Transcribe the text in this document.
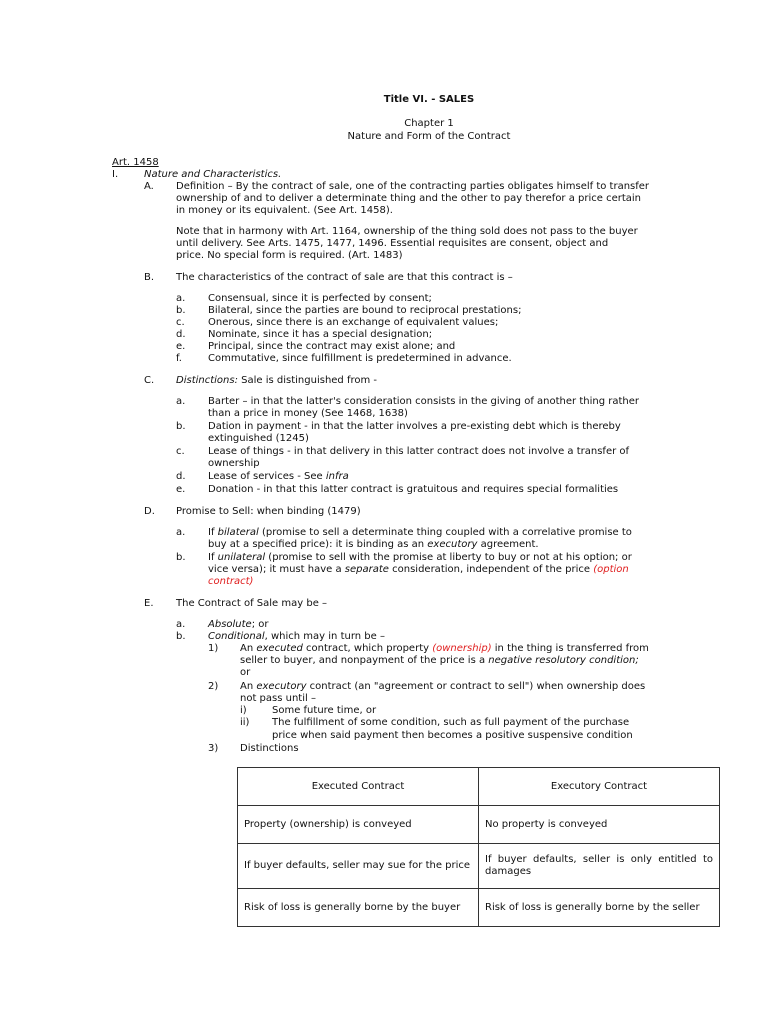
Title VI. - SALES
Chapter 1
Nature and Form of the Contract
Art. 1458
I.	Nature and Characteristics.
A. Definition – By the contract of sale, one of the contracting parties obligates himself to transfer
ownership of and to deliver a determinate thing and the other to pay therefor a price certain
in money or its equivalent. (See Art. 1458).
Note that in harmony with Art. 1164, ownership of the thing sold does not pass to the buyer
until delivery. See Arts. 1475, 1477, 1496. Essential requisites are consent, object and
price. No special form is required. (Art. 1483)
B. The characteristics of the contract of sale are that this contract is –
a. Consensual, since it is perfected by consent;
b. Bilateral, since the parties are bound to reciprocal prestations;
c. Onerous, since there is an exchange of equivalent values;
d. Nominate, since it has a special designation;
e. Principal, since the contract may exist alone; and
f.	Commutative, since fulfillment is predetermined in advance.
C. Distinctions: Sale is distinguished from -
a. Barter – in that the latter's consideration consists in the giving of another thing rather
than a price in money (See 1468, 1638)
b. Dation in payment - in that the latter involves a pre-existing debt which is thereby
extinguished (1245)
c. Lease of things - in that delivery in this latter contract does not involve a transfer of
ownership
d. Lease of services - See infra
e. Donation - in that this latter contract is gratuitous and requires special formalities
D. Promise to Sell: when binding (1479)
a. If bilateral (promise to sell a determinate thing coupled with a correlative promise to
buy at a specified price): it is binding as an executory agreement.
b. If unilateral (promise to sell with the promise at liberty to buy or not at his option; or
vice versa); it must have a separate consideration, independent of the price (option
contract)
E. The Contract of Sale may be –
a. Absolute; or
b. Conditional, which may in turn be –
1) An executed contract, which property (ownership) in the thing is transferred from
seller to buyer, and nonpayment of the price is a negative resolutory condition;
or
2) An executory contract (an "agreement or contract to sell") when ownership does
not pass until –
i)	Some future time, or
ii) The fulfillment of some condition, such as full payment of the purchase
price when said payment then becomes a positive suspensive condition
3) Distinctions
Executed Contract	Executory Contract
Property (ownership) is conveyed	No property is conveyed
If buyer defaults, seller may sue for the price	If buyer defaults, seller is only entitled to damages
Risk of loss is generally borne by the buyer	Risk of loss is generally borne by the seller
